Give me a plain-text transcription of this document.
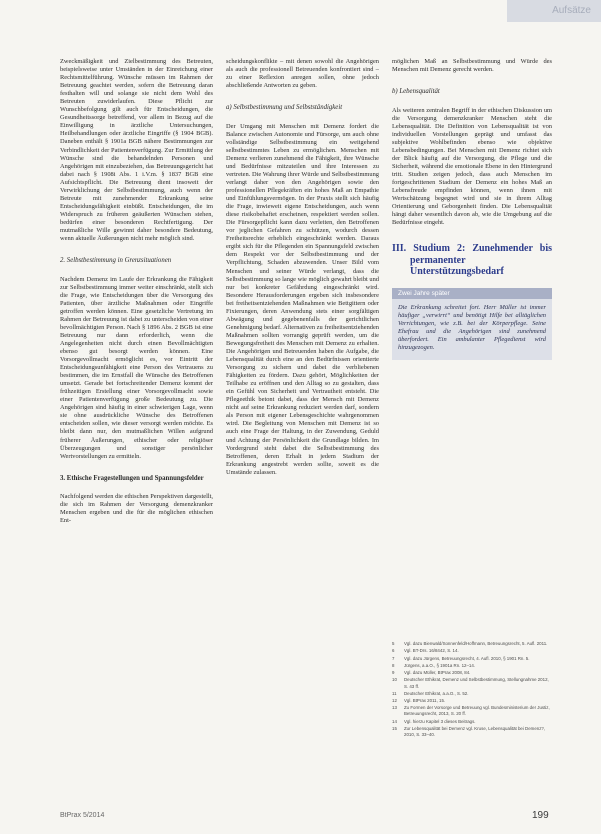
Aufsätze

Zweckmäßigkeit und Zielbestimmung des Betreuten, beispielsweise unter Umständen in der Einreichung einer Rechtsmittelführung. Wünsche müssen im Rahmen der Betreuung geachtet werden, sofern die Betreuung daran festhalten will und solange sie nicht dem Wohl des Betreuten zuwiderlaufen. Diese Pflicht zur Wunschbefolgung gilt auch für Entscheidungen, die Gesundheitssorge betreffend, vor allem in Bezug auf die Einwilligung in ärztliche Untersuchungen, Heilbehandlungen oder ärztliche Eingriffe (§ 1904 BGB). Daneben enthält § 1901a BGB nähere Bestimmungen zur Verbindlichkeit der Patientenverfügung. Zur Ermittlung der Wünsche sind die behandelnden Personen und Angehörigen mit einzubeziehen, das Betreuungsgericht hat dabei nach § 1908i Abs. 1 i.V.m. § 1837 BGB eine Aufsichtspflicht. Die Betreuung dient insoweit der Verwirklichung der Selbstbestimmung, auch wenn der Betreute mit zunehmender Erkrankung seine Entscheidungsfähigkeit einbüßt. Entscheidungen, die im Widerspruch zu früheren geäußerten Wünschen stehen, bedürfen einer besonderen Rechtfertigung. Der mutmaßliche Wille gewinnt daher besondere Bedeutung, wenn aktuelle Äußerungen nicht mehr möglich sind.

2. Selbstbestimmung in Grenzsituationen

Nachdem Demenz im Laufe der Erkrankung die Fähigkeit zur Selbstbestimmung immer weiter einschränkt, stellt sich die Frage, wie Entscheidungen über die Versorgung des Patienten, über ärztliche Maßnahmen oder Eingriffe getroffen werden können. Eine gesetzliche Vertretung im Rahmen der Betreuung ist dabei zu unterscheiden von einer bevollmächtigten Person. Nach § 1896 Abs. 2 BGB ist eine Betreuung nur dann erforderlich, wenn die Angelegenheiten nicht durch einen Bevollmächtigten ebenso gut besorgt werden können. Eine Vorsorgevollmacht ermöglicht es, vor Eintritt der Entscheidungsunfähigkeit eine Person des Vertrauens zu bestimmen, die im Ernstfall die Wünsche des Betroffenen umsetzt. Gerade bei fortschreitender Demenz kommt der frühzeitigen Erstellung einer Vorsorgevollmacht sowie einer Patientenverfügung große Bedeutung zu. Die Angehörigen sind häufig in einer schwierigen Lage, wenn sie ohne ausdrückliche Wünsche des Betroffenen entscheiden sollen, wie dieser versorgt werden möchte. Es bleibt dann nur, den mutmaßlichen Willen aufgrund früherer Äußerungen, ethischer oder religiöser Überzeugungen und sonstiger persönlicher Wertvorstellungen zu ermitteln.

3. Ethische Fragestellungen und Spannungsfelder

Nachfolgend werden die ethischen Perspektiven dargestellt, die sich im Rahmen der Versorgung demenzkranker Menschen ergeben und die für die möglichen ethischen Ent-

scheidungskonflikte – mit denen sowohl die Angehörigen als auch die professionell Betreuenden konfrontiert sind – zu einer Reflexion anregen sollen, ohne jedoch abschließende Antworten zu geben.

a) Selbstbestimmung und Selbstständigkeit

Der Umgang mit Menschen mit Demenz fordert die Balance zwischen Autonomie und Fürsorge, um auch ohne vollständige Selbstbestimmung ein weitgehend selbstbestimmtes Leben zu ermöglichen. Menschen mit Demenz verlieren zunehmend die Fähigkeit, ihre Wünsche und Bedürfnisse mitzuteilen und ihre Interessen zu vertreten. Die Wahrung ihrer Würde und Selbstbestimmung verlangt daher von den Angehörigen sowie den professionellen Pflegekräften ein hohes Maß an Empathie und Einfühlungsvermögen. In der Praxis stellt sich häufig die Frage, inwieweit eigene Entscheidungen, auch wenn diese risikobehaftet erscheinen, respektiert werden sollen. Die Fürsorgepflicht kann dazu verleiten, den Betroffenen vor jeglichen Gefahren zu schützen, wodurch dessen Freiheitsrechte erheblich eingeschränkt werden. Daraus ergibt sich für die Pflegenden ein Spannungsfeld zwischen dem Respekt vor der Selbstbestimmung und der Verpflichtung, Schaden abzuwenden. Unser Bild vom Menschen und seiner Würde verlangt, dass die Selbstbestimmung so lange wie möglich gewahrt bleibt und nur bei konkreter Gefährdung eingeschränkt wird. Besondere Herausforderungen ergeben sich insbesondere bei freiheitsentziehenden Maßnahmen wie Bettgittern oder Fixierungen, deren Anwendung stets einer sorgfältigen Abwägung und gegebenenfalls der gerichtlichen Genehmigung bedarf. Alternativen zu freiheitsentziehenden Maßnahmen sollten vorrangig geprüft werden, um die Bewegungsfreiheit des Menschen mit Demenz zu erhalten. Die Angehörigen und Betreuenden haben die Aufgabe, die Lebensqualität durch eine an den Bedürfnissen orientierte Versorgung zu sichern und dabei die verbliebenen Fähigkeiten zu fördern. Dazu gehört, Möglichkeiten der Teilhabe zu eröffnen und den Alltag so zu gestalten, dass ein Gefühl von Sicherheit und Vertrautheit entsteht. Die Pflegeethik betont dabei, dass der Mensch mit Demenz nicht auf seine Erkrankung reduziert werden darf, sondern als Person mit eigener Lebensgeschichte wahrgenommen wird. Die Begleitung von Menschen mit Demenz ist so auch eine Frage der Haltung, in der Zuwendung, Geduld und Achtung der Persönlichkeit die Grundlage bilden. Im Vordergrund steht dabei die Selbstbestimmung des Betroffenen, deren Erhalt in jedem Stadium der Erkrankung angestrebt werden sollte, soweit es die Umstände zulassen.

möglichen Maß an Selbstbestimmung und Würde des Menschen mit Demenz gerecht werden.

b) Lebensqualität

Als weiteren zentralen Begriff in der ethischen Diskussion um die Versorgung demenzkranker Menschen steht die Lebensqualität. Die Definition von Lebensqualität ist von individuellen Vorstellungen geprägt und umfasst das subjektive Wohlbefinden ebenso wie objektive Lebensbedingungen. Bei Menschen mit Demenz richtet sich der Blick häufig auf die Versorgung, die Pflege und die Sicherheit, während die emotionale Ebene in den Hintergrund tritt. Studien zeigen jedoch, dass auch Menschen im fortgeschrittenen Stadium der Demenz ein hohes Maß an Lebensfreude empfinden können, wenn ihnen mit Wertschätzung begegnet wird und sie in ihrem Alltag Orientierung und Geborgenheit finden. Die Lebensqualität hängt daher wesentlich davon ab, wie die Umgebung auf die Bedürfnisse eingeht.

III. Studium 2: Zunehmender bis permanenter Unterstützungsbedarf
Zwei Jahre später
Die Erkrankung schreitet fort. Herr Müller ist immer häufiger „verwirrt“ und benötigt Hilfe bei alltäglichen Verrichtungen, wie z.B. bei der Körperpflege. Seine Ehefrau und die Angehörigen sind zunehmend überfordert. Ein ambulanter Pflegedienst wird hinzugezogen.
5	Vgl. dazu Bienwald/Sonnenfeld/Hoffmann, Betreuungsrecht, 5. Aufl. 2011.
6	Vgl. BT-Drs. 16/8442, S. 14.
7	Vgl. dazu Jürgens, Betreuungsrecht, 4. Aufl. 2010, § 1901 Rn. 5.
8	Jürgens, a.a.O., § 1901a Rn. 12–14.
9	Vgl. dazu Müller, BtPrax 2008, 84.
10	Deutscher Ethikrat, Demenz und Selbstbestimmung, Stellungnahme 2012, S. 43 ff.
11	Deutscher Ethikrat, a.a.O., S. 52.
12	Vgl. BtPrax 2011, 15.
13	Zu Formen der Vorsorge und Betreuung vgl. Bundesministerium der Justiz, Betreuungsrecht, 2013, S. 20 ff.
14	Vgl. hierzu Kapitel 3 dieses Beitrags.
15	Zur Lebensqualität bei Demenz vgl. Kruse, Lebensqualität bei Demenz?, 2010, S. 33–40.
BtPrax 5/2014	199
